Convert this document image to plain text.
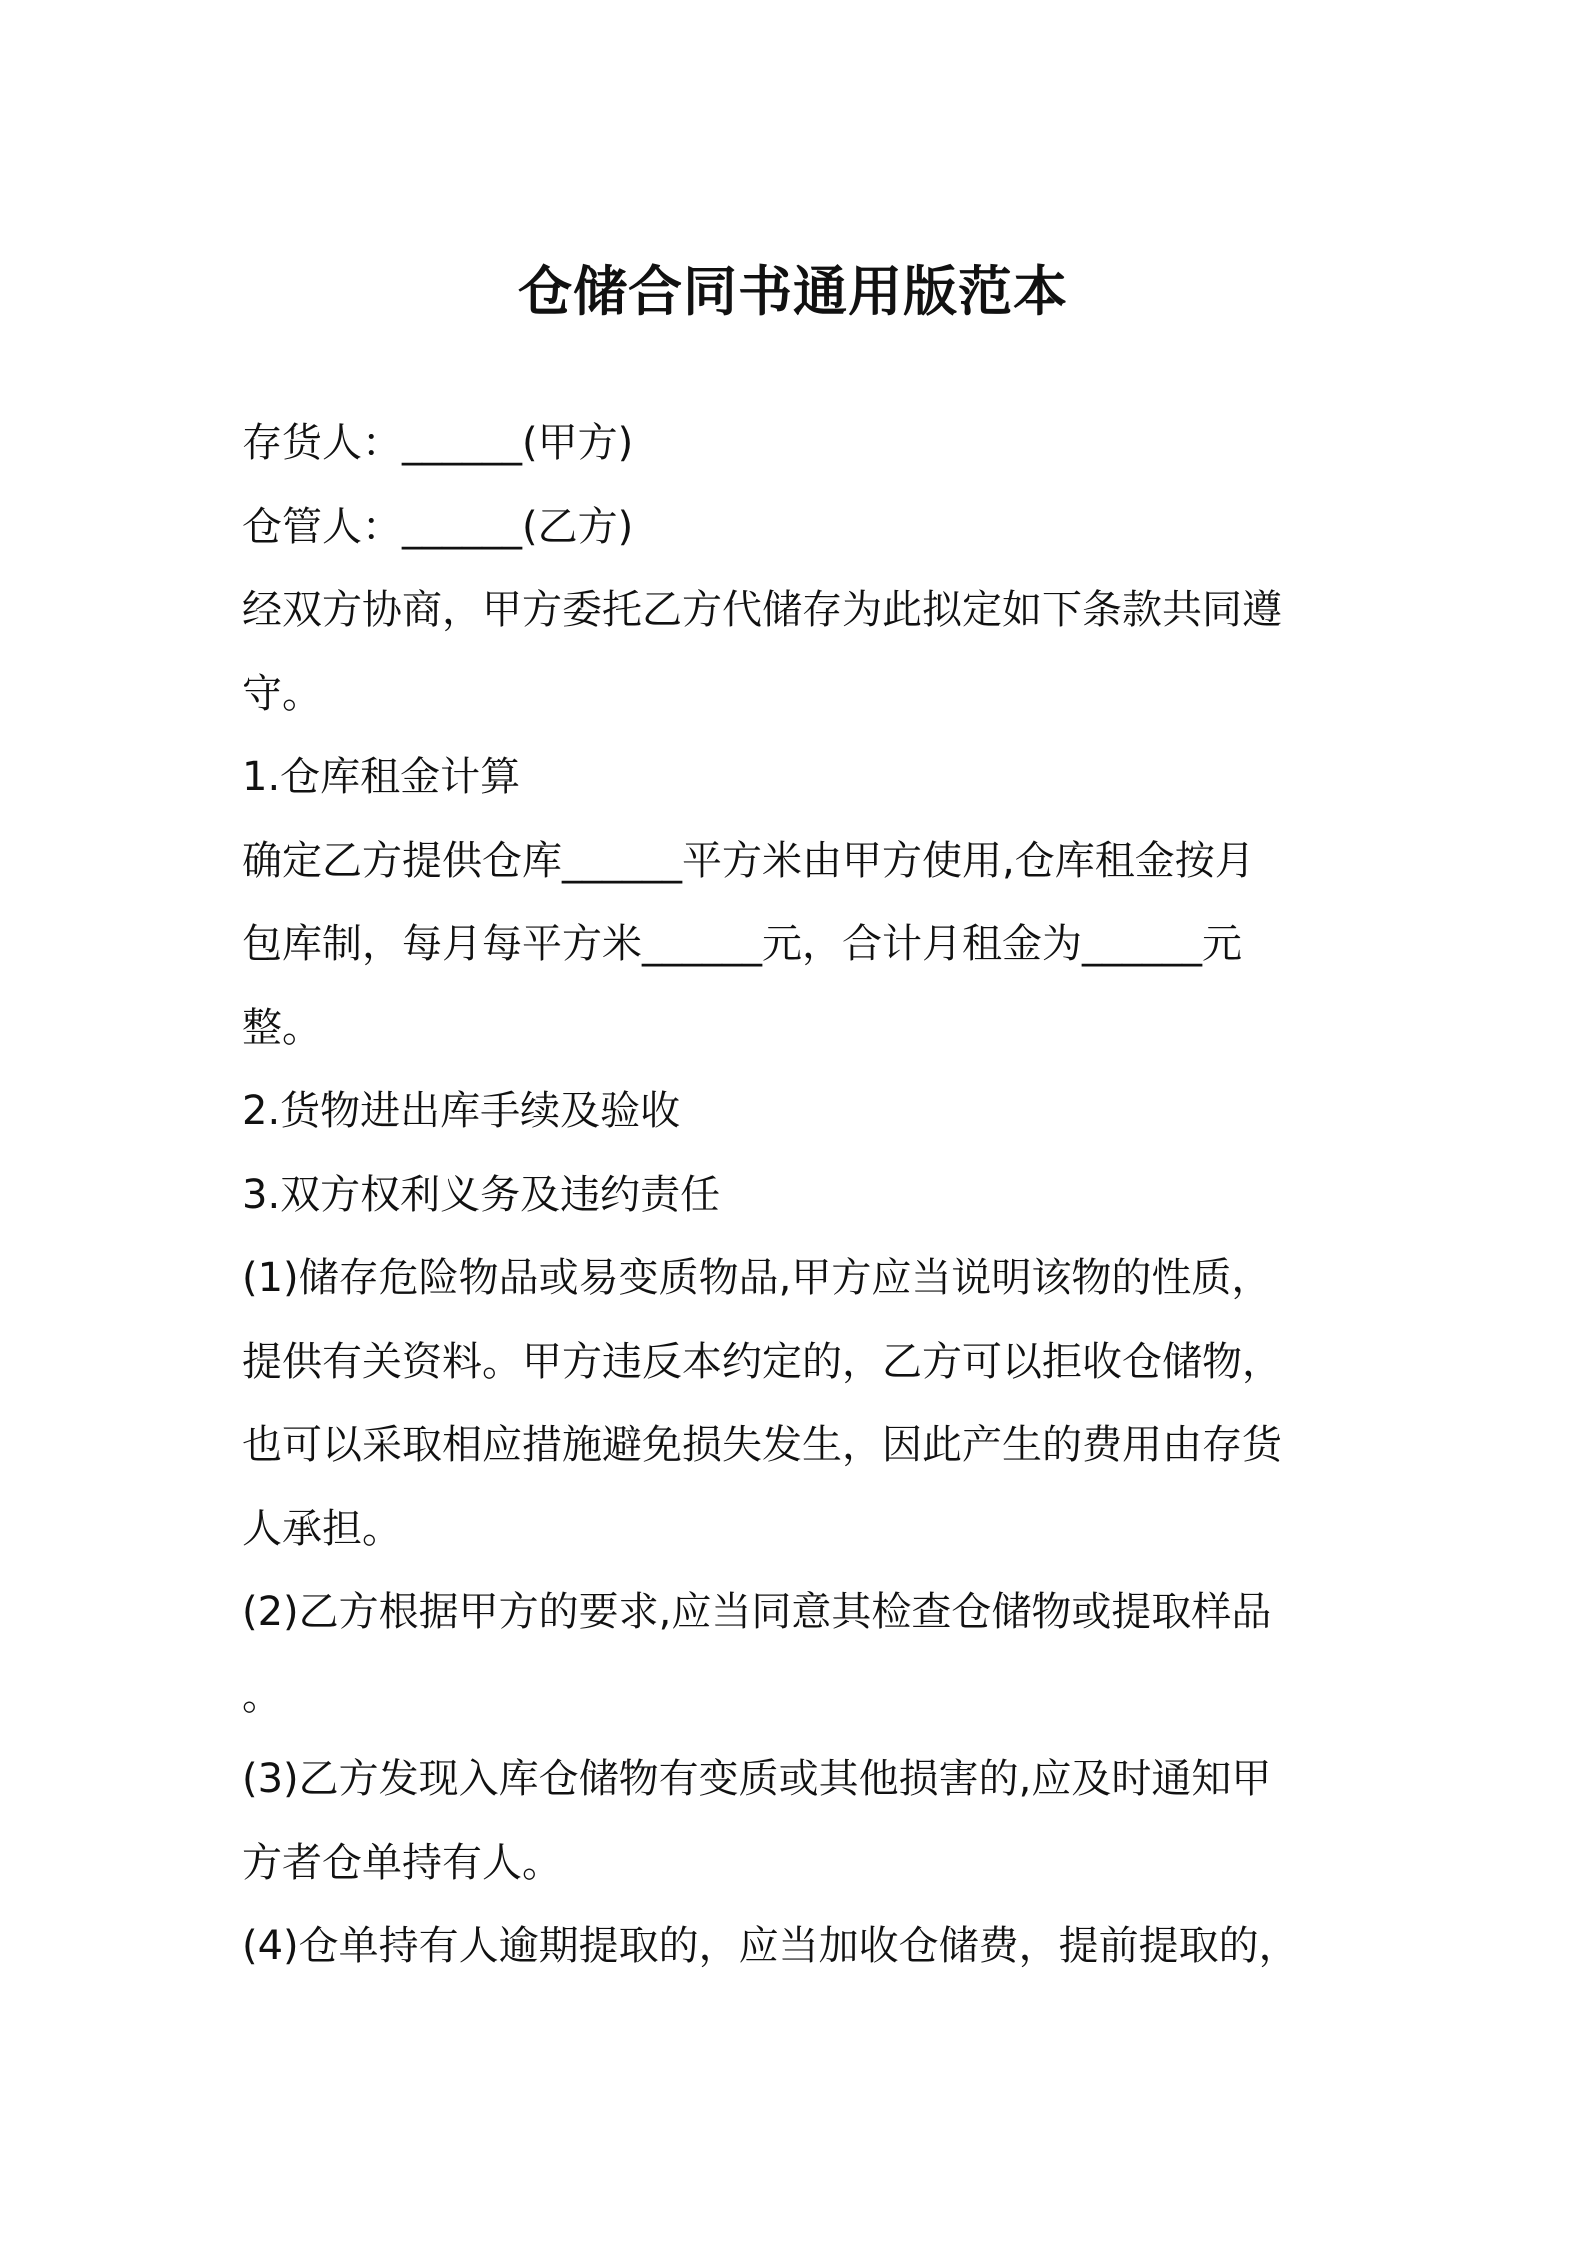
仓储合同书通用版范本

存货人：______(甲方)

仓管人：______(乙方)

经双方协商，甲方委托乙方代储存为此拟定如下条款共同遵

守。

1.仓库租金计算

确定乙方提供仓库______平方米由甲方使用,仓库租金按月

包库制，每月每平方米______元，合计月租金为______元

整。

2.货物进出库手续及验收

3.双方权利义务及违约责任

(1)储存危险物品或易变质物品,甲方应当说明该物的性质，

提供有关资料。甲方违反本约定的，乙方可以拒收仓储物，

也可以采取相应措施避免损失发生，因此产生的费用由存货

人承担。

(2)乙方根据甲方的要求,应当同意其检查仓储物或提取样品

。

(3)乙方发现入库仓储物有变质或其他损害的,应及时通知甲

方者仓单持有人。

(4)仓单持有人逾期提取的，应当加收仓储费，提前提取的，
